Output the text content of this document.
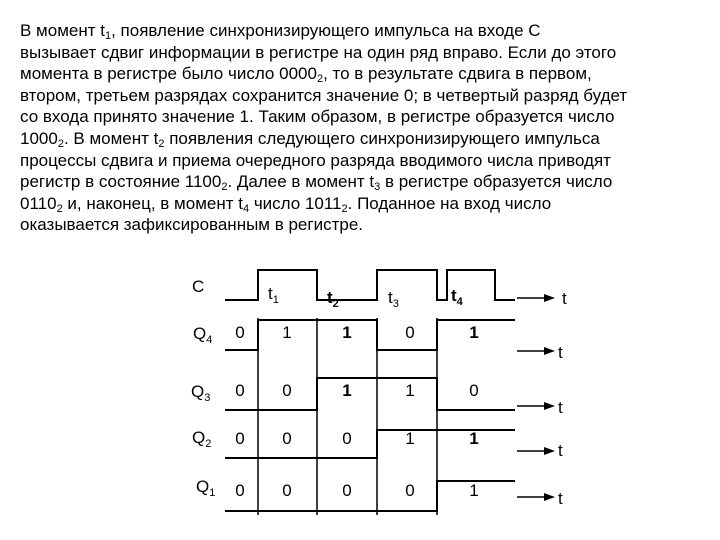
В момент $t_1$, появление синхронизирующего импульса на входе С
вызывает сдвиг информации в регистре на один ряд вправо. Если до этого
момента в регистре было число $0000_2$, то в результате сдвига в первом,
втором, третьем разрядах сохранится значение 0; в четвертый разряд будет
со входа принято значение 1. Таким образом, в регистре образуется число
$1000_2$. В момент $t_2$ появления следующего синхронизирующего импульса
процессы сдвига и приема очередного разряда вводимого числа приводят
регистр в состояние $1100_2$. Далее в момент $t_3$ в регистре образуется число
$0110_2$ и, наконец, в момент $t_4$ число $1011_2$. Поданное на вход число
оказывается зафиксированным в регистре.
C	$t_1$	$t_2$	$t_3$	$t_4$	t
$Q_4$ 0 1	1	0	1
t
$Q_3$ 0 0	1	1	0
t
$Q_2$ 0 0	0	1	1
t
$Q_1$ 0 0	0	0	1	t
